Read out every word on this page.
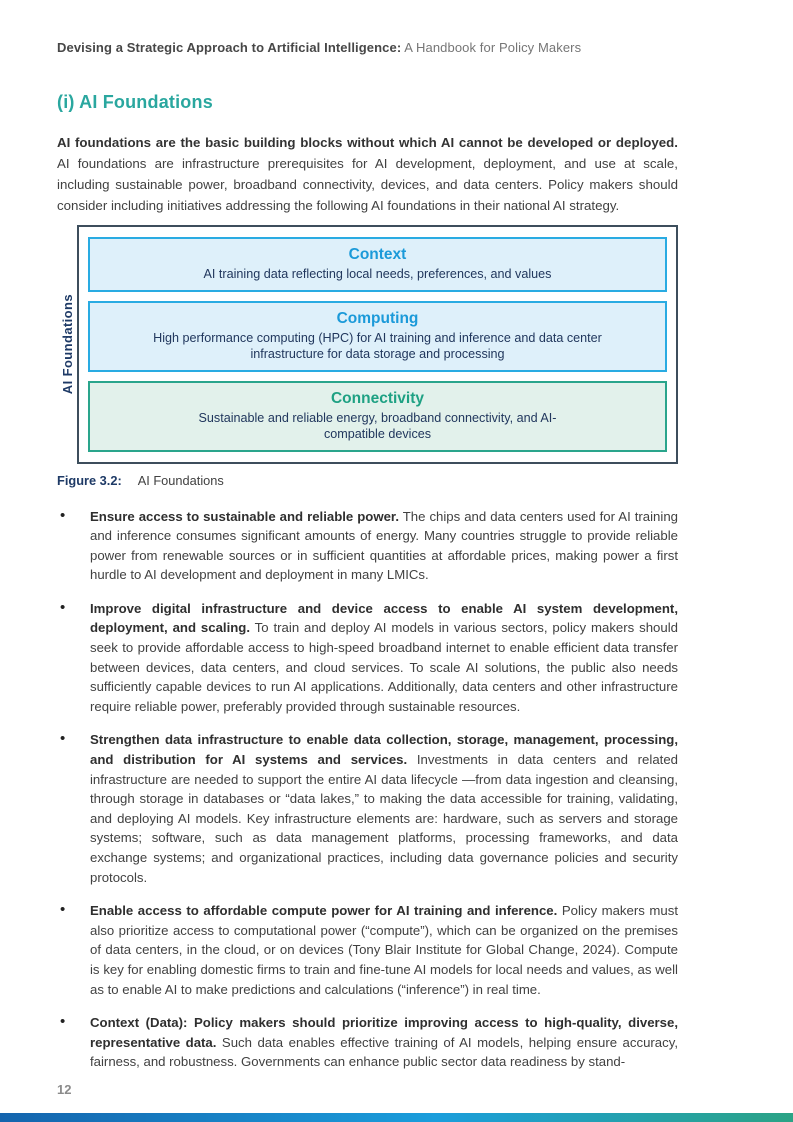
Devising a Strategic Approach to Artificial Intelligence: A Handbook for Policy Makers
(i) AI Foundations

AI foundations are the basic building blocks without which AI cannot be developed or deployed. AI foundations are infrastructure prerequisites for AI development, deployment, and use at scale, including sustainable power, broadband connectivity, devices, and data centers. Policy makers should consider including initiatives addressing the following AI foundations in their national AI strategy.

AI Foundations
Context
AI training data reflecting local needs, preferences, and values
Computing
High performance computing (HPC) for AI training and inference and data center infrastructure for data storage and processing
Connectivity
Sustainable and reliable energy, broadband connectivity, and AI-compatible devices
Figure 3.2: AI Foundations
• Ensure access to sustainable and reliable power. The chips and data centers used for AI training and inference consumes significant amounts of energy. Many countries struggle to provide reliable power from renewable sources or in sufficient quantities at affordable prices, making power a first hurdle to AI development and deployment in many LMICs.
• Improve digital infrastructure and device access to enable AI system development, deployment, and scaling. To train and deploy AI models in various sectors, policy makers should seek to provide affordable access to high-speed broadband internet to enable efficient data transfer between devices, data centers, and cloud services. To scale AI solutions, the public also needs sufficiently capable devices to run AI applications. Additionally, data centers and other infrastructure require reliable power, preferably provided through sustainable resources.
• Strengthen data infrastructure to enable data collection, storage, management, processing, and distribution for AI systems and services. Investments in data centers and related infrastructure are needed to support the entire AI data lifecycle —from data ingestion and cleansing, through storage in databases or “data lakes,” to making the data accessible for training, validating, and deploying AI models. Key infrastructure elements are: hardware, such as servers and storage systems; software, such as data management platforms, processing frameworks, and data exchange systems; and organizational practices, including data governance policies and security protocols.
• Enable access to affordable compute power for AI training and inference. Policy makers must also prioritize access to computational power (“compute”), which can be organized on the premises of data centers, in the cloud, or on devices (Tony Blair Institute for Global Change, 2024). Compute is key for enabling domestic firms to train and fine-tune AI models for local needs and values, as well as to enable AI to make predictions and calculations (“inference”) in real time.
• Context (Data): Policy makers should prioritize improving access to high-quality, diverse, representative data. Such data enables effective training of AI models, helping ensure accuracy, fairness, and robustness. Governments can enhance public sector data readiness by stand-
12
